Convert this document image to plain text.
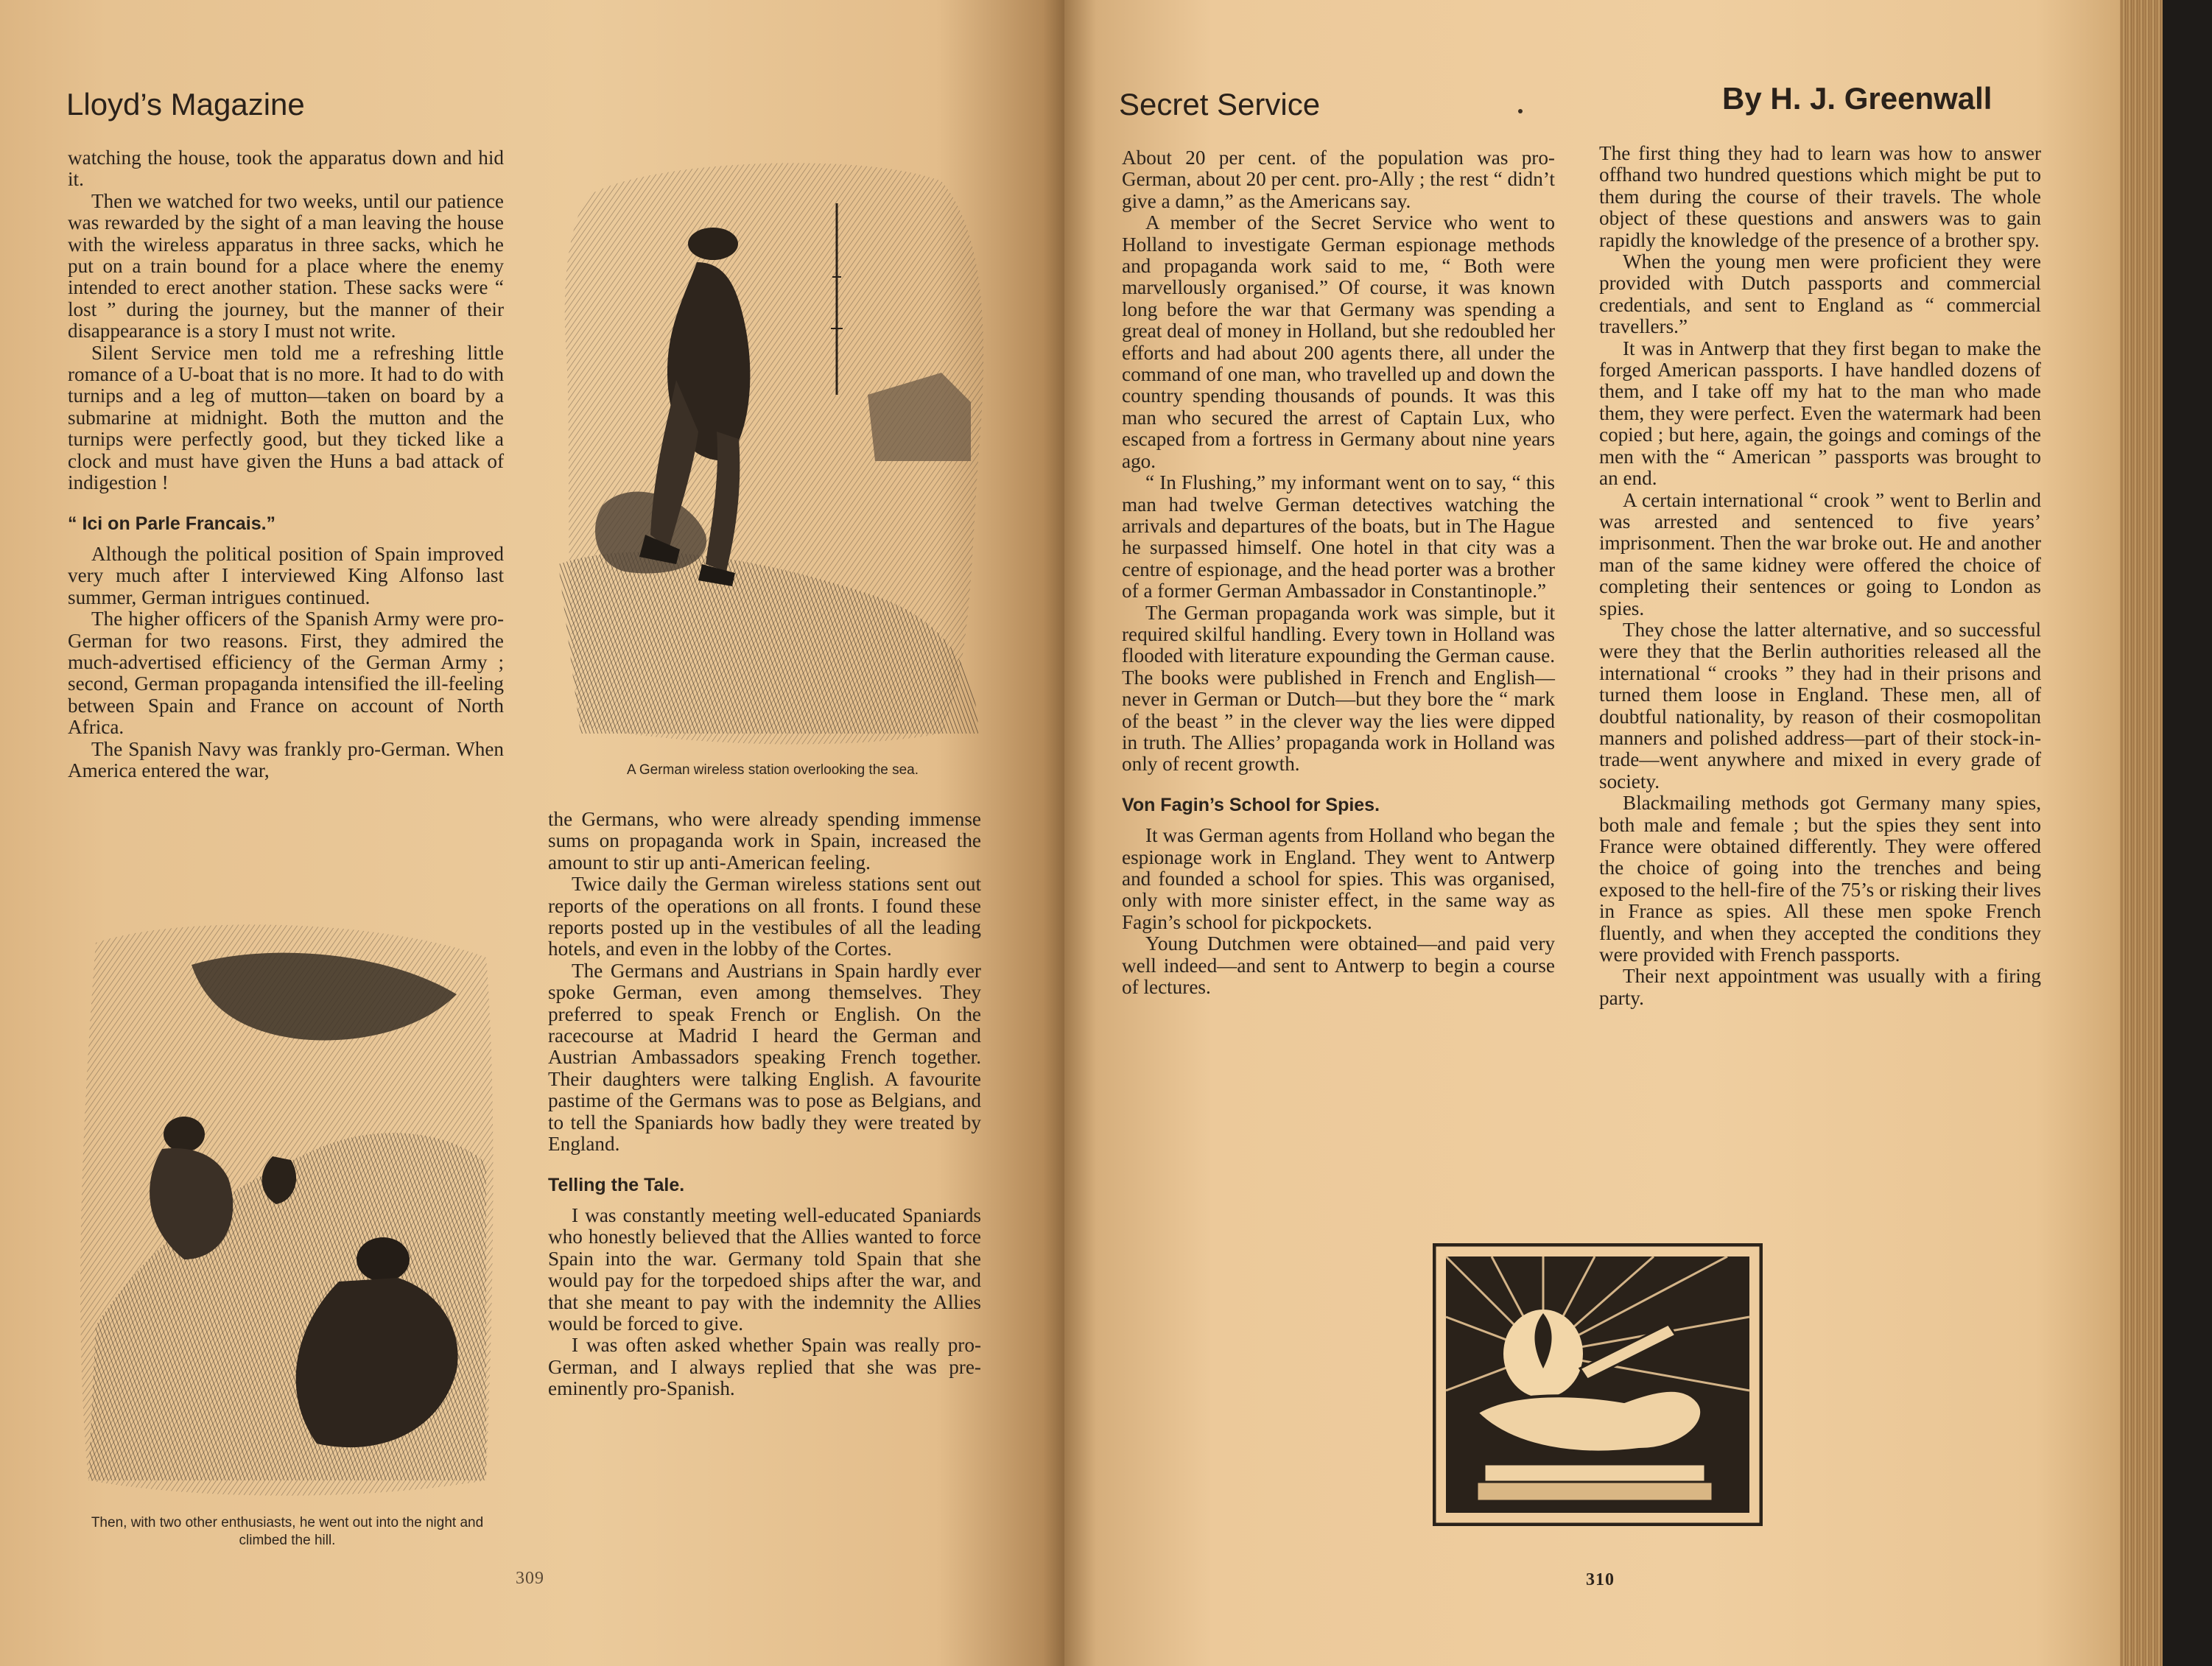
Lloyd’s Magazine

watching the house, took the apparatus down and hid it.

Then we watched for two weeks, until our patience was rewarded by the sight of a man leaving the house with the wireless apparatus in three sacks, which he put on a train bound for a place where the enemy intended to erect another station. These sacks were “ lost ” during the journey, but the manner of their disappearance is a story I must not write.

Silent Service men told me a refreshing little romance of a U-boat that is no more. It had to do with turnips and a leg of mutton—taken on board by a submarine at midnight. Both the mutton and the turnips were perfectly good, but they ticked like a clock and must have given the Huns a bad attack of indigestion !

“ Ici on Parle Francais.”

Although the political position of Spain improved very much after I interviewed King Alfonso last summer, German intrigues continued.

The higher officers of the Spanish Army were pro-German for two reasons. First, they admired the much-advertised efficiency of the German Army ; second, German propaganda intensified the ill-feeling between Spain and France on account of North Africa.

The Spanish Navy was frankly pro-German. When America entered the war,	A German wireless station overlooking the sea.

the Germans, who were already spending immense sums on propaganda work in Spain, increased the amount to stir up anti-American feeling.

Twice daily the German wireless stations sent out reports of the operations on all fronts. I found these reports posted up in the vestibules of all the leading hotels, and even in the lobby of the Cortes.

The Germans and Austrians in Spain hardly ever spoke German, even among themselves. They preferred to speak French or English. On the racecourse at Madrid I heard the German and Austrian Ambassadors speaking French together. Their daughters were talking English. A favourite pastime of the Germans was to pose as Belgians, and to tell the Spaniards how badly they were treated by England.

Telling the Tale.

I was constantly meeting well-educated Spaniards who honestly believed that the Allies wanted to force Spain into the war. Germany told Spain that she would pay for the torpedoed ships after the war, and that she meant to pay with the indemnity the Allies would be forced to give.

I was often asked whether Spain was really pro-German, and I always replied that she was pre-eminently pro-Spanish.

Then, with two other enthusiasts, he went out into the night and climbed the hill.
309
Secret Service	By H. J. Greenwall

About 20 per cent. of the population was pro-German, about 20 per cent. pro-Ally ; the rest “ didn’t give a damn,” as the Americans say.

A member of the Secret Service who went to Holland to investigate German espionage methods and propaganda work said to me, “ Both were marvellously organised.” Of course, it was known long before the war that Germany was spending a great deal of money in Holland, but she redoubled her efforts and had about 200 agents there, all under the command of one man, who travelled up and down the country spending thousands of pounds. It was this man who secured the arrest of Captain Lux, who escaped from a fortress in Germany about nine years ago.

“ In Flushing,” my informant went on to say, “ this man had twelve German detectives watching the arrivals and departures of the boats, but in The Hague he surpassed himself. One hotel in that city was a centre of espionage, and the head porter was a brother of a former German Ambassador in Constantinople.”

The German propaganda work was simple, but it required skilful handling. Every town in Holland was flooded with literature expounding the German cause. The books were published in French and English—never in German or Dutch—but they bore the “ mark of the beast ” in the clever way the lies were dipped in truth. The Allies’ propaganda work in Holland was only of recent growth.

Von Fagin’s School for Spies.

It was German agents from Holland who began the espionage work in England. They went to Antwerp and founded a school for spies. This was organised, only with more sinister effect, in the same way as Fagin’s school for pickpockets.

Young Dutchmen were obtained—and paid very well indeed—and sent to Antwerp to begin a course of lectures.

The first thing they had to learn was how to answer offhand two hundred questions which might be put to them during the course of their travels. The whole object of these questions and answers was to gain rapidly the knowledge of the presence of a brother spy.

When the young men were proficient they were provided with Dutch passports and commercial credentials, and sent to England as “ commercial travellers.”

It was in Antwerp that they first began to make the forged American passports. I have handled dozens of them, and I take off my hat to the man who made them, they were perfect. Even the watermark had been copied ; but here, again, the goings and comings of the men with the “ American ” passports was brought to an end.

A certain international “ crook ” went to Berlin and was arrested and sentenced to five years’ imprisonment. Then the war broke out. He and another man of the same kidney were offered the choice of completing their sentences or going to London as spies.

They chose the latter alternative, and so successful were they that the Berlin authorities released all the international “ crooks ” they had in their prisons and turned them loose in England. These men, all of doubtful nationality, by reason of their cosmopolitan manners and polished address—part of their stock-in-trade—went anywhere and mixed in every grade of society.

Blackmailing methods got Germany many spies, both male and female ; but the spies they sent into France were obtained differently. They were offered the choice of going into the trenches and being exposed to the hell-fire of the 75’s or risking their lives in France as spies. All these men spoke French fluently, and when they accepted the conditions they were provided with French passports.

Their next appointment was usually with a firing party.

310
